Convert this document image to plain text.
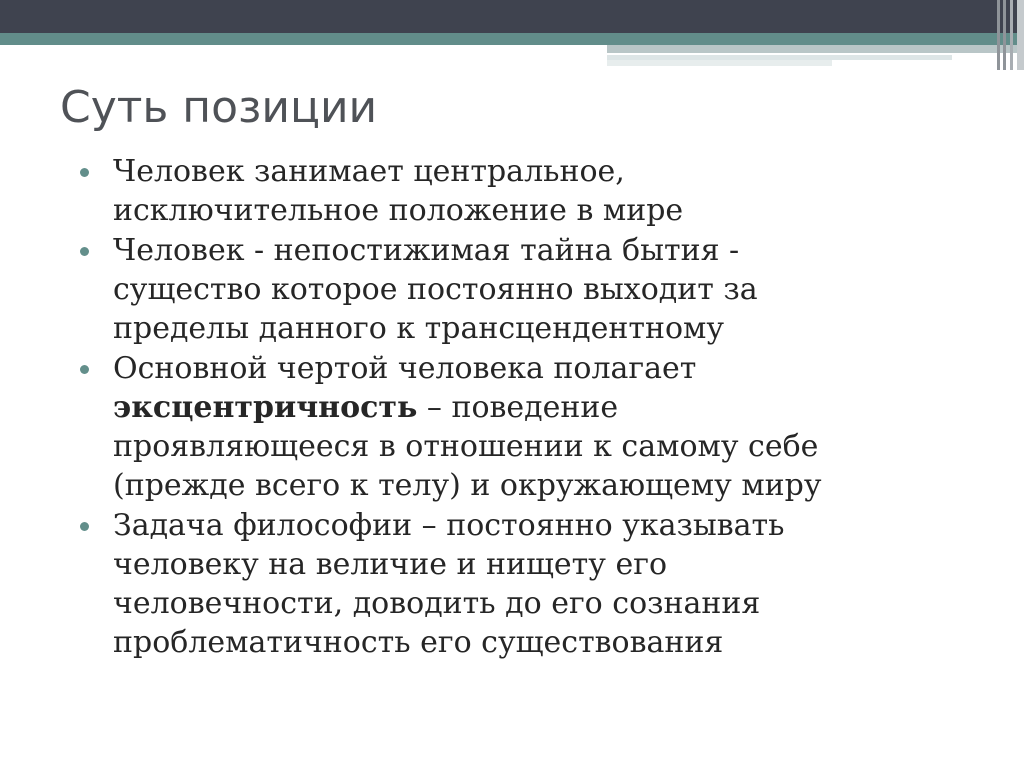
Суть позиции
Человек занимает центральное,
исключительное положение в мире
Человек - непостижимая тайна бытия -
существо которое постоянно выходит за
пределы данного к трансцендентному
Основной чертой человека полагает
эксцентричность – поведение
проявляющееся в отношении к самому себе
(прежде всего к телу) и окружающему миру
Задача философии – постоянно указывать
человеку на величие и нищету его
человечности, доводить до его сознания
проблематичность его существования
